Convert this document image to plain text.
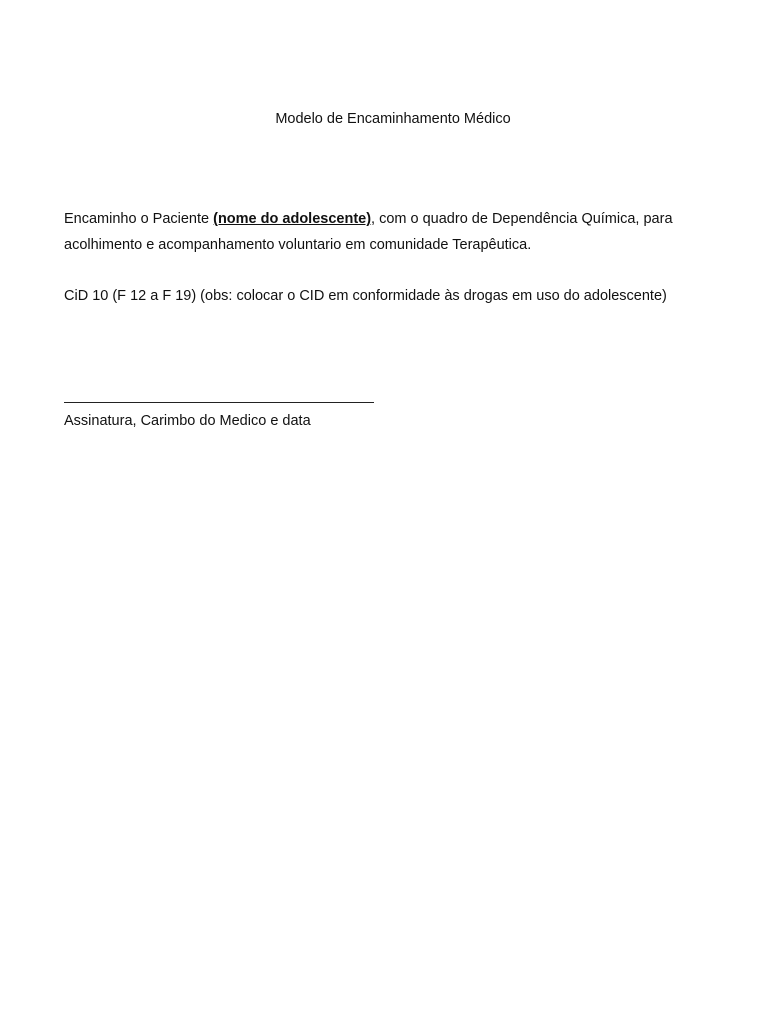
Modelo de Encaminhamento Médico

Encaminho o Paciente (nome do adolescente), com o quadro de Dependência Química, para acolhimento e acompanhamento voluntario em comunidade Terapêutica.

CiD 10 (F 12 a F 19) (obs: colocar o CID em conformidade às drogas em uso do adolescente)

Assinatura, Carimbo do Medico e data
